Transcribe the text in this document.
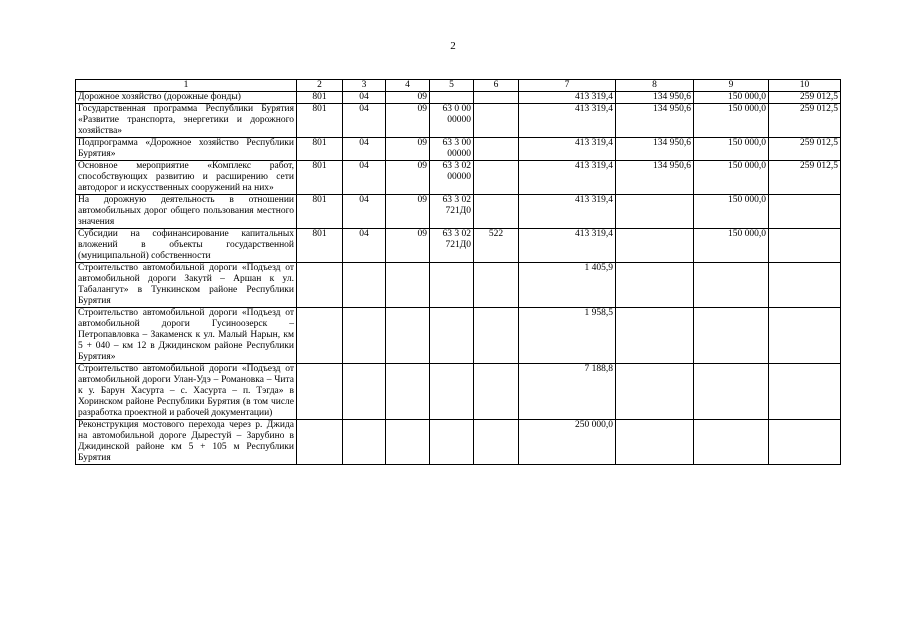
2
1	2	3	4	5	6	7	8	9	10
Дорожное хозяйство (дорожные фонды)	801	04	09			413 319,4	134 950,6	150 000,0	259 012,5
Государственная программа Республики Бурятия «Развитие транспорта, энергетики и дорожного хозяйства»	801	04	09	63 0 00 00000		413 319,4	134 950,6	150 000,0	259 012,5
Подпрограмма «Дорожное хозяйство Республики Бурятия»	801	04	09	63 3 00 00000		413 319,4	134 950,6	150 000,0	259 012,5
Основное мероприятие «Комплекс работ, способствующих развитию и расширению сети автодорог и искусственных сооружений на них»	801	04	09	63 3 02 00000		413 319,4	134 950,6	150 000,0	259 012,5
На дорожную деятельность в отношении автомобильных дорог общего пользования местного значения	801	04	09	63 3 02 721Д0		413 319,4		150 000,0	
Субсидии на софинансирование капитальных вложений в объекты государственной (муниципальной) собственности	801	04	09	63 3 02 721Д0	522	413 319,4		150 000,0	
Строительство автомобильной дороги «Подъезд от автомобильной дороги Закутй – Аршан к ул. Табалангут» в Тункинском районе Республики Бурятия						1 405,9			
Строительство автомобильной дороги «Подъезд от автомобильной дороги Гусиноозерск – Петропавловка – Закаменск к ул. Малый Нарын, км 5 + 040 – км 12 в Джидинском районе Республики Бурятия»						1 958,5			
Строительство автомобильной дороги «Подъезд от автомобильной дороги Улан-Удэ – Романовка – Чита к у. Барун Хасурта – с. Хасурта – п. Тэгда» в Хоринском районе Республики Бурятия (в том числе разработка проектной и рабочей документации)						7 188,8			
Реконструкция мостового перехода через р. Джида на автомобильной дороге Дырестуй – Зарубино в Джидинской районе км 5 + 105 м Республики Бурятия						250 000,0			
